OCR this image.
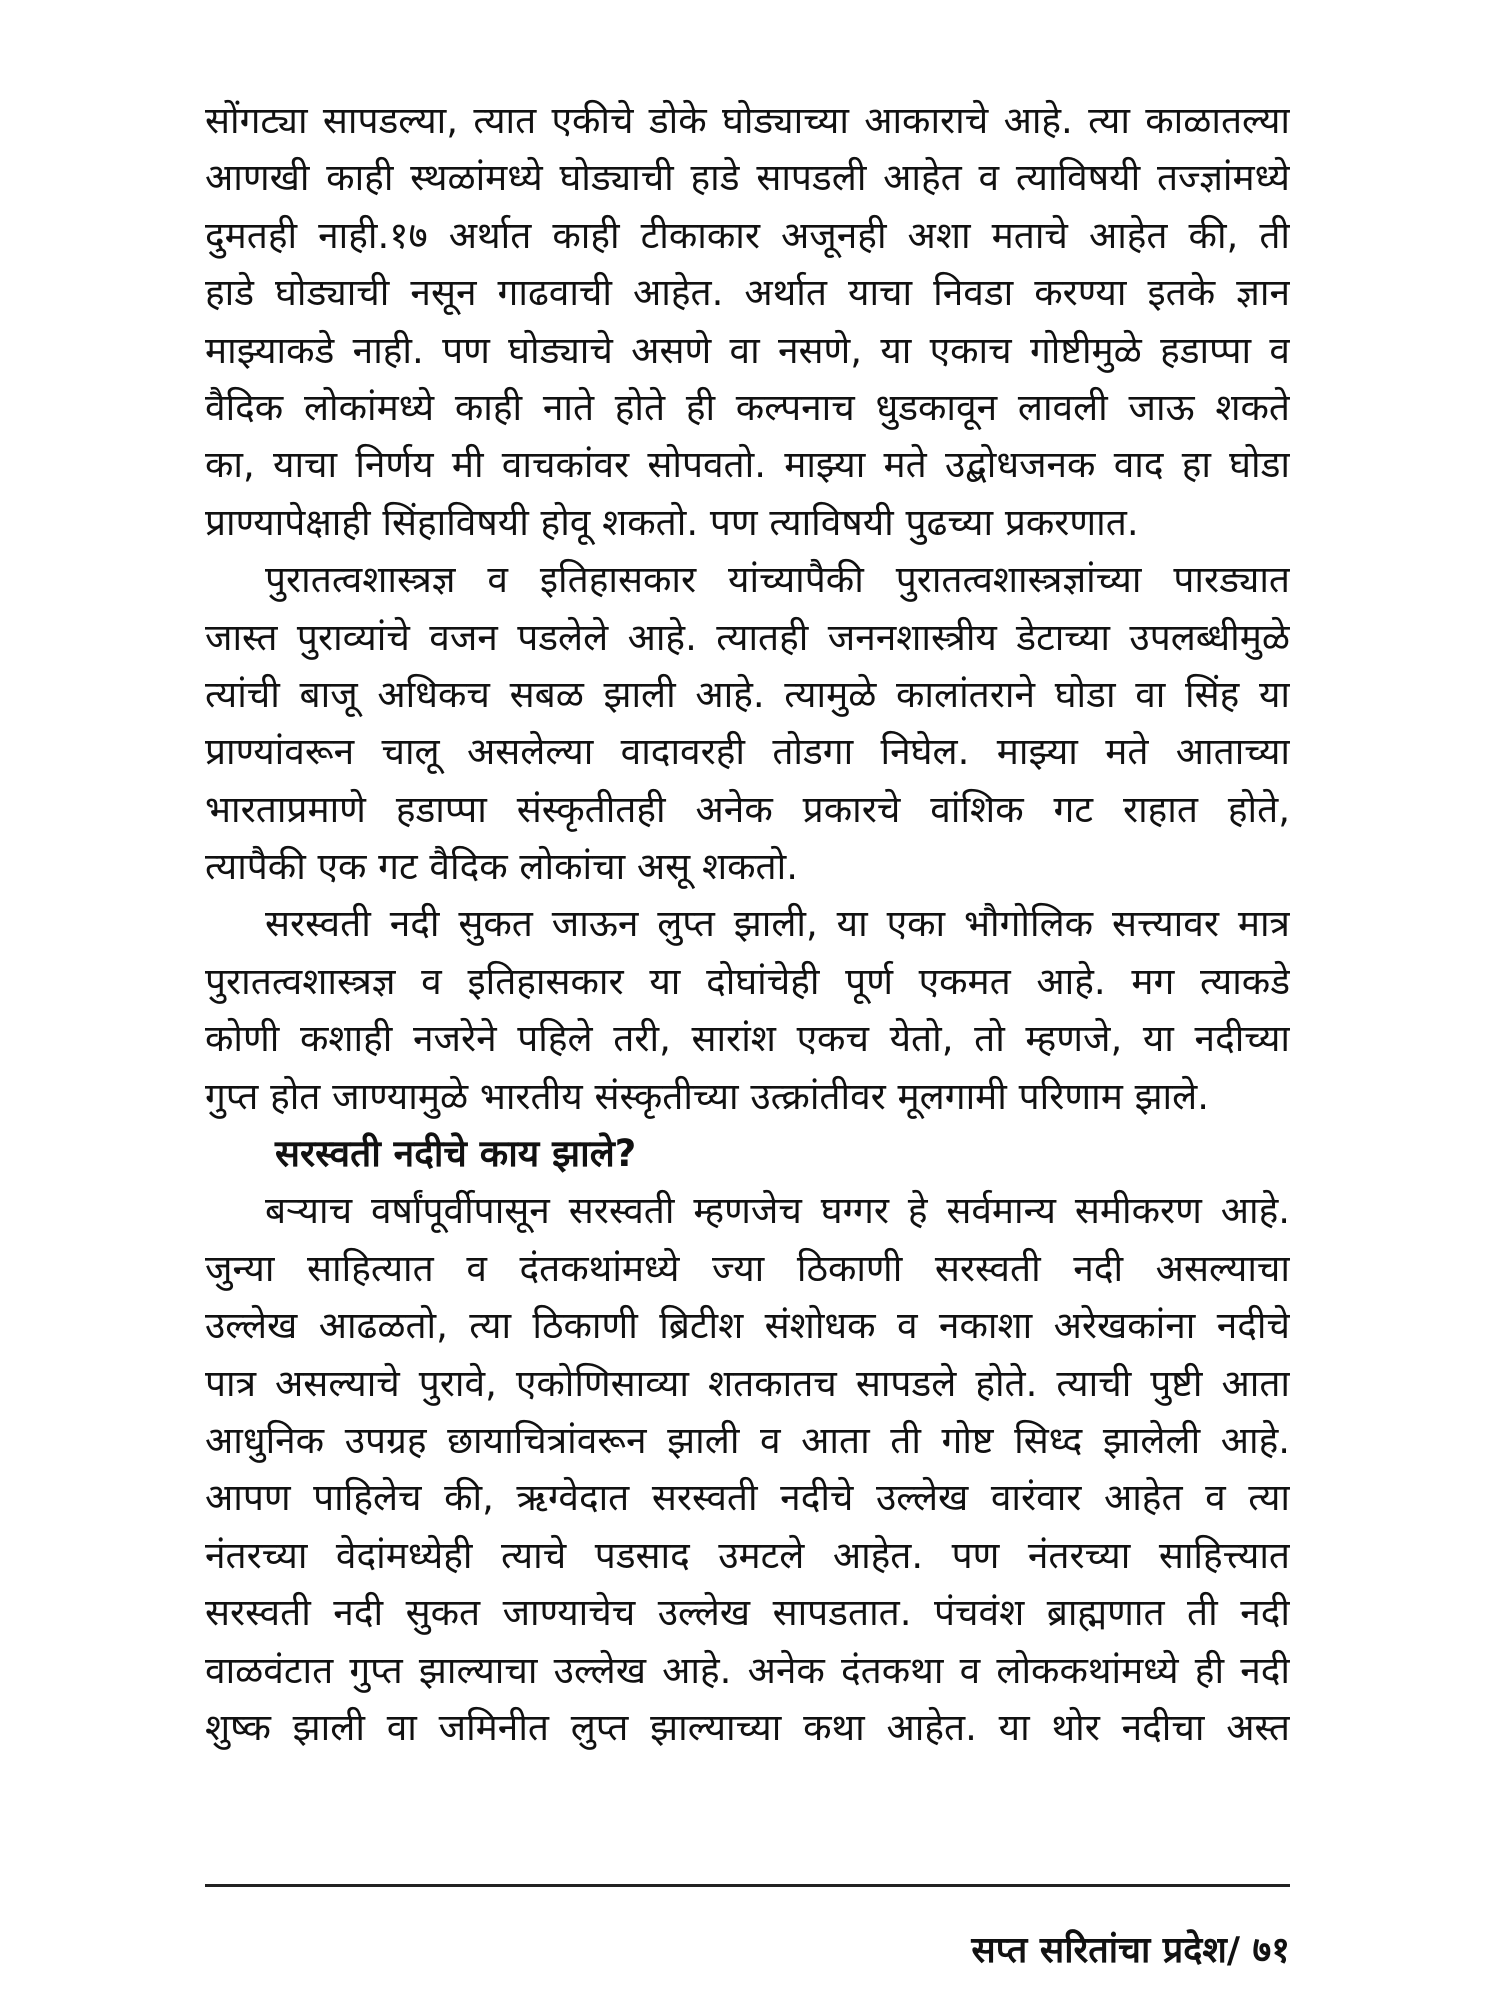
सोंगट्या सापडल्या, त्यात एकीचे डोके घोड्याच्या आकाराचे आहे. त्या काळातल्या
आणखी काही स्थळांमध्ये घोड्याची हाडे सापडली आहेत व त्याविषयी तज्ज्ञांमध्ये
दुमतही नाही.१७ अर्थात काही टीकाकार अजूनही अशा मताचे आहेत की, ती
हाडे घोड्याची नसून गाढवाची आहेत. अर्थात याचा निवडा करण्या इतके ज्ञान
माझ्याकडे नाही. पण घोड्याचे असणे वा नसणे, या एकाच गोष्टीमुळे हडाप्पा व
वैदिक लोकांमध्ये काही नाते होते ही कल्पनाच धुडकावून लावली जाऊ शकते
का, याचा निर्णय मी वाचकांवर सोपवतो. माझ्या मते उद्बोधजनक वाद हा घोडा
प्राण्यापेक्षाही सिंहाविषयी होवू शकतो. पण त्याविषयी पुढच्या प्रकरणात.
पुरातत्वशास्त्रज्ञ व इतिहासकार यांच्यापैकी पुरातत्वशास्त्रज्ञांच्या पारड्यात
जास्त पुराव्यांचे वजन पडलेले आहे. त्यातही जननशास्त्रीय डेटाच्या उपलब्धीमुळे
त्यांची बाजू अधिकच सबळ झाली आहे. त्यामुळे कालांतराने घोडा वा सिंह या
प्राण्यांवरून चालू असलेल्या वादावरही तोडगा निघेल. माझ्या मते आताच्या
भारताप्रमाणे हडाप्पा संस्कृतीतही अनेक प्रकारचे वांशिक गट राहात होते,
त्यापैकी एक गट वैदिक लोकांचा असू शकतो.
सरस्वती नदी सुकत जाऊन लुप्त झाली, या एका भौगोलिक सत्त्यावर मात्र
पुरातत्वशास्त्रज्ञ व इतिहासकार या दोघांचेही पूर्ण एकमत आहे. मग त्याकडे
कोणी कशाही नजरेने पहिले तरी, सारांश एकच येतो, तो म्हणजे, या नदीच्या
गुप्त होत जाण्यामुळे भारतीय संस्कृतीच्या उत्क्रांतीवर मूलगामी परिणाम झाले.
सरस्वती नदीचे काय झाले?
बऱ्याच वर्षांपूर्वीपासून सरस्वती म्हणजेच घग्गर हे सर्वमान्य समीकरण आहे.
जुन्या साहित्यात व दंतकथांमध्ये ज्या ठिकाणी सरस्वती नदी असल्याचा
उल्लेख आढळतो, त्या ठिकाणी ब्रिटीश संशोधक व नकाशा अरेखकांना नदीचे
पात्र असल्याचे पुरावे, एकोणिसाव्या शतकातच सापडले होते. त्याची पुष्टी आता
आधुनिक उपग्रह छायाचित्रांवरून झाली व आता ती गोष्ट सिध्द झालेली आहे.
आपण पाहिलेच की, ऋग्वेदात सरस्वती नदीचे उल्लेख वारंवार आहेत व त्या
नंतरच्या वेदांमध्येही त्याचे पडसाद उमटले आहेत. पण नंतरच्या साहित्त्यात
सरस्वती नदी सुकत जाण्याचेच उल्लेख सापडतात. पंचवंश ब्राह्मणात ती नदी
वाळवंटात गुप्त झाल्याचा उल्लेख आहे. अनेक दंतकथा व लोककथांमध्ये ही नदी
शुष्क झाली वा जमिनीत लुप्त झाल्याच्या कथा आहेत. या थोर नदीचा अस्त
सप्त सरितांचा प्रदेश/ ७१
